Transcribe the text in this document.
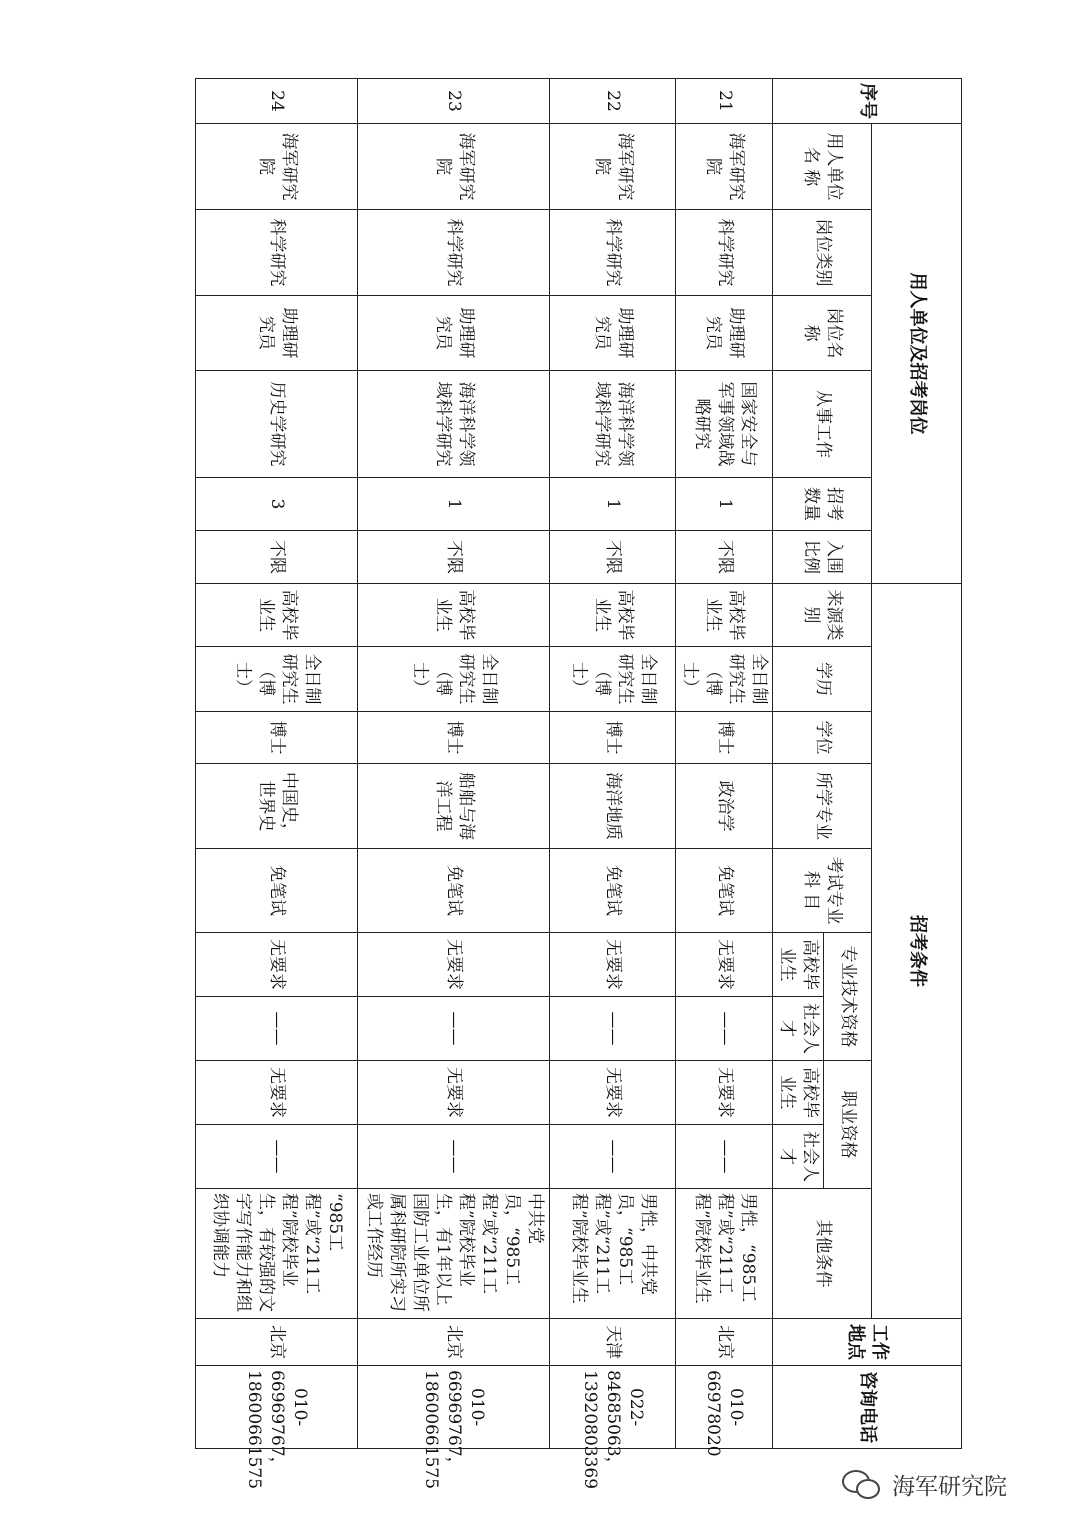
序号	用人单位及招考岗位						招考条件										工作地点	咨询电话
	用人单位名 称	岗位类别	岗位名称	从事工作	招考数量	入围比例	来源类别	学历	学位	所学专业	考试专业科 目	专业技术资格		职业资格		其他条件		
												高校毕业生	社会人才	高校毕业生	社会人才			
21	海军研究院	科学研究	助理研究员	国家安全与军事领域战略研究	1	不限	高校毕业生	全日制研究生（博士）	博士	政治学	免笔试	无要求	——	无要求	——	男性，“985工程”或“211工程”院校毕业生	北京	010-66978020
22	海军研究院	科学研究	助理研究员	海洋科学领域科学研究	1	不限	高校毕业生	全日制研究生（博士）	博士	海洋地质	免笔试	无要求	——	无要求	——	男性，中共党员，“985工程”或“211工程”院校毕业生	天津	022-84685063，13920803369
23	海军研究院	科学研究	助理研究员	海洋科学领域科学研究	1	不限	高校毕业生	全日制研究生（博士）	博士	船舶与海洋工程	免笔试	无要求	——	无要求	——	中共党员，“985工程”或“211工程”院校毕业生，有1年以上国防工业单位所属科研院所实习或工作经历	北京	010-66969767，18600661575
24	海军研究院	科学研究	助理研究员	历史学研究	3	不限	高校毕业生	全日制研究生（博士）	博士	中国史，世界史	免笔试	无要求	——	无要求	——	“985工程”或“211工程”院校毕业生，有较强的文字写作能力和组织协调能力	北京	010-66969767，18600661575	海军研究院
